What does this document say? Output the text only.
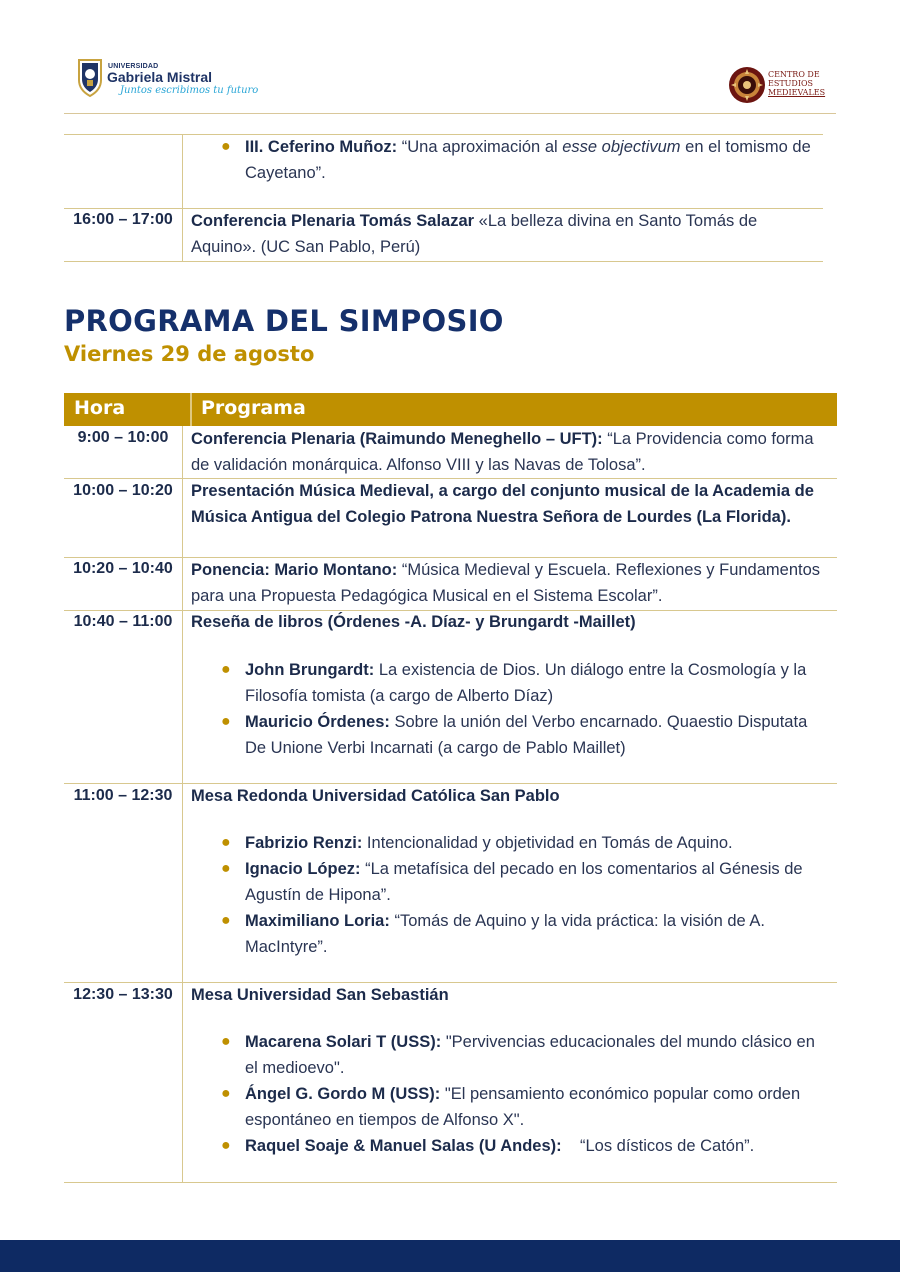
UNIVERSIDAD
Gabriela Mistral
Juntos escribimos tu futuro
CENTRO DE
ESTUDIOS
MEDIEVALES
● III. Ceferino Muñoz: “Una aproximación al esse objectivum en el tomismo de Cayetano”.
16:00 – 17:00	Conferencia Plenaria Tomás Salazar «La belleza divina en Santo Tomás de Aquino». (UC San Pablo, Perú)
PROGRAMA DEL SIMPOSIO
Viernes 29 de agosto
Hora	Programa
9:00 – 10:00	Conferencia Plenaria (Raimundo Meneghello – UFT): “La Providencia como forma de validación monárquica. Alfonso VIII y las Navas de Tolosa”.
10:00 – 10:20	Presentación Música Medieval, a cargo del conjunto musical de la Academia de Música Antigua del Colegio Patrona Nuestra Señora de Lourdes (La Florida).
10:20 – 10:40	Ponencia: Mario Montano: “Música Medieval y Escuela. Reflexiones y Fundamentos para una Propuesta Pedagógica Musical en el Sistema Escolar”.
10:40 – 11:00	Reseña de libros (Órdenes -A. Díaz- y Brungardt -Maillet)
● John Brungardt: La existencia de Dios. Un diálogo entre la Cosmología y la Filosofía tomista (a cargo de Alberto Díaz)
● Mauricio Órdenes: Sobre la unión del Verbo encarnado. Quaestio Disputata De Unione Verbi Incarnati (a cargo de Pablo Maillet)
11:00 – 12:30	Mesa Redonda Universidad Católica San Pablo
● Fabrizio Renzi: Intencionalidad y objetividad en Tomás de Aquino.
● Ignacio López: “La metafísica del pecado en los comentarios al Génesis de Agustín de Hipona”.
● Maximiliano Loria: “Tomás de Aquino y la vida práctica: la visión de A. MacIntyre”.
12:30 – 13:30	Mesa Universidad San Sebastián
● Macarena Solari T (USS): "Pervivencias educacionales del mundo clásico en el medioevo".
● Ángel G. Gordo M (USS): "El pensamiento económico popular como orden espontáneo en tiempos de Alfonso X".
● Raquel Soaje & Manuel Salas (U Andes):    “Los dísticos de Catón”.
